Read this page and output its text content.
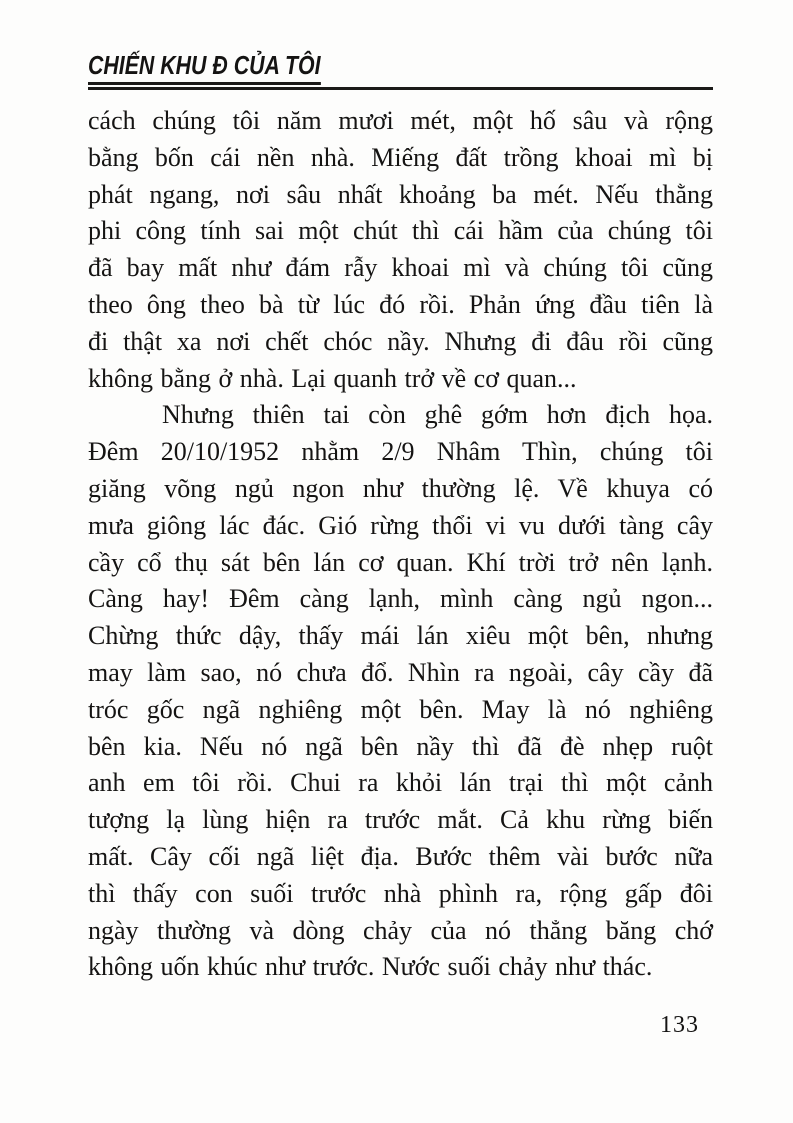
CHIẾN KHU Đ CỦA TÔI
cách chúng tôi năm mươi mét, một hố sâu và rộng
bằng bốn cái nền nhà. Miếng đất trồng khoai mì bị
phát ngang, nơi sâu nhất khoảng ba mét. Nếu thằng
phi công tính sai một chút thì cái hầm của chúng tôi
đã bay mất như đám rẫy khoai mì và chúng tôi cũng
theo ông theo bà từ lúc đó rồi. Phản ứng đầu tiên là
đi thật xa nơi chết chóc nầy. Nhưng đi đâu rồi cũng
không bằng ở nhà. Lại quanh trở về cơ quan...
Nhưng thiên tai còn ghê gớm hơn địch họa.
Đêm 20/10/1952 nhằm 2/9 Nhâm Thìn, chúng tôi
giăng võng ngủ ngon như thường lệ. Về khuya có
mưa giông lác đác. Gió rừng thổi vi vu dưới tàng cây
cầy cổ thụ sát bên lán cơ quan. Khí trời trở nên lạnh.
Càng hay! Đêm càng lạnh, mình càng ngủ ngon...
Chừng thức dậy, thấy mái lán xiêu một bên, nhưng
may làm sao, nó chưa đổ. Nhìn ra ngoài, cây cầy đã
tróc gốc ngã nghiêng một bên. May là nó nghiêng
bên kia. Nếu nó ngã bên nầy thì đã đè nhẹp ruột
anh em tôi rồi. Chui ra khỏi lán trại thì một cảnh
tượng lạ lùng hiện ra trước mắt. Cả khu rừng biến
mất. Cây cối ngã liệt địa. Bước thêm vài bước nữa
thì thấy con suối trước nhà phình ra, rộng gấp đôi
ngày thường và dòng chảy của nó thẳng băng chớ
không uốn khúc như trước. Nước suối chảy như thác.
133
